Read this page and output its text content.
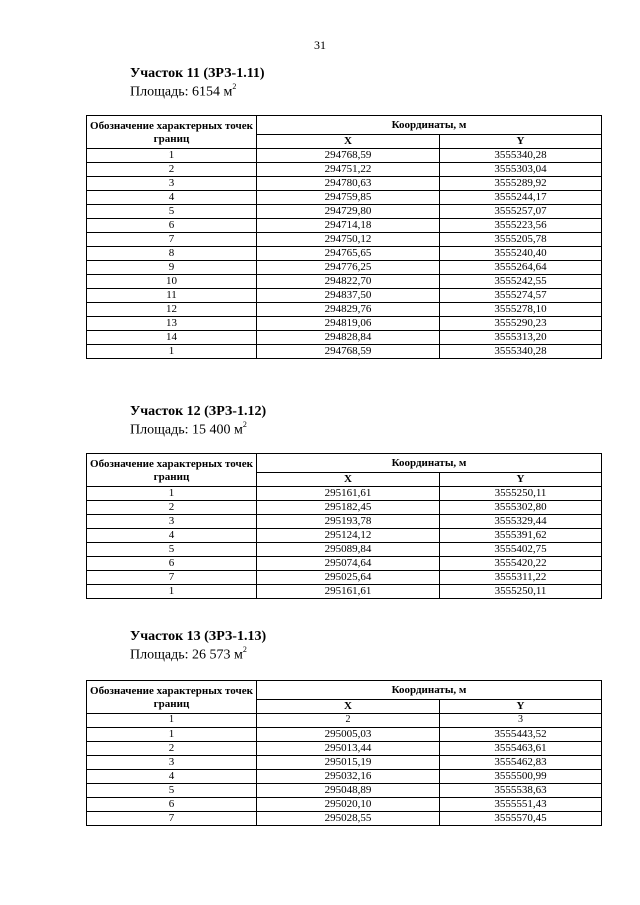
31
Участок 11 (ЗРЗ-1.11)
Площадь: 6154 $м^2$
Обозначение характерных точек границ	Координаты, м	
	X	Y
1	294768,59	3555340,28
2	294751,22	3555303,04
3	294780,63	3555289,92
4	294759,85	3555244,17
5	294729,80	3555257,07
6	294714,18	3555223,56
7	294750,12	3555205,78
8	294765,65	3555240,40
9	294776,25	3555264,64
10	294822,70	3555242,55
11	294837,50	3555274,57
12	294829,76	3555278,10
13	294819,06	3555290,23
14	294828,84	3555313,20
1	294768,59	3555340,28
Участок 12 (ЗРЗ-1.12)
Площадь: 15 400 $м^2$
Обозначение характерных точек границ	Координаты, м	
	X	Y
1	295161,61	3555250,11
2	295182,45	3555302,80
3	295193,78	3555329,44
4	295124,12	3555391,62
5	295089,84	3555402,75
6	295074,64	3555420,22
7	295025,64	3555311,22
1	295161,61	3555250,11
Участок 13 (ЗРЗ-1.13)
Площадь: 26 573 $м^2$
Обозначение характерных точек границ	Координаты, м	
	X	Y
1	2	3
1	295005,03	3555443,52
2	295013,44	3555463,61
3	295015,19	3555462,83
4	295032,16	3555500,99
5	295048,89	3555538,63
6	295020,10	3555551,43
7	295028,55	3555570,45
